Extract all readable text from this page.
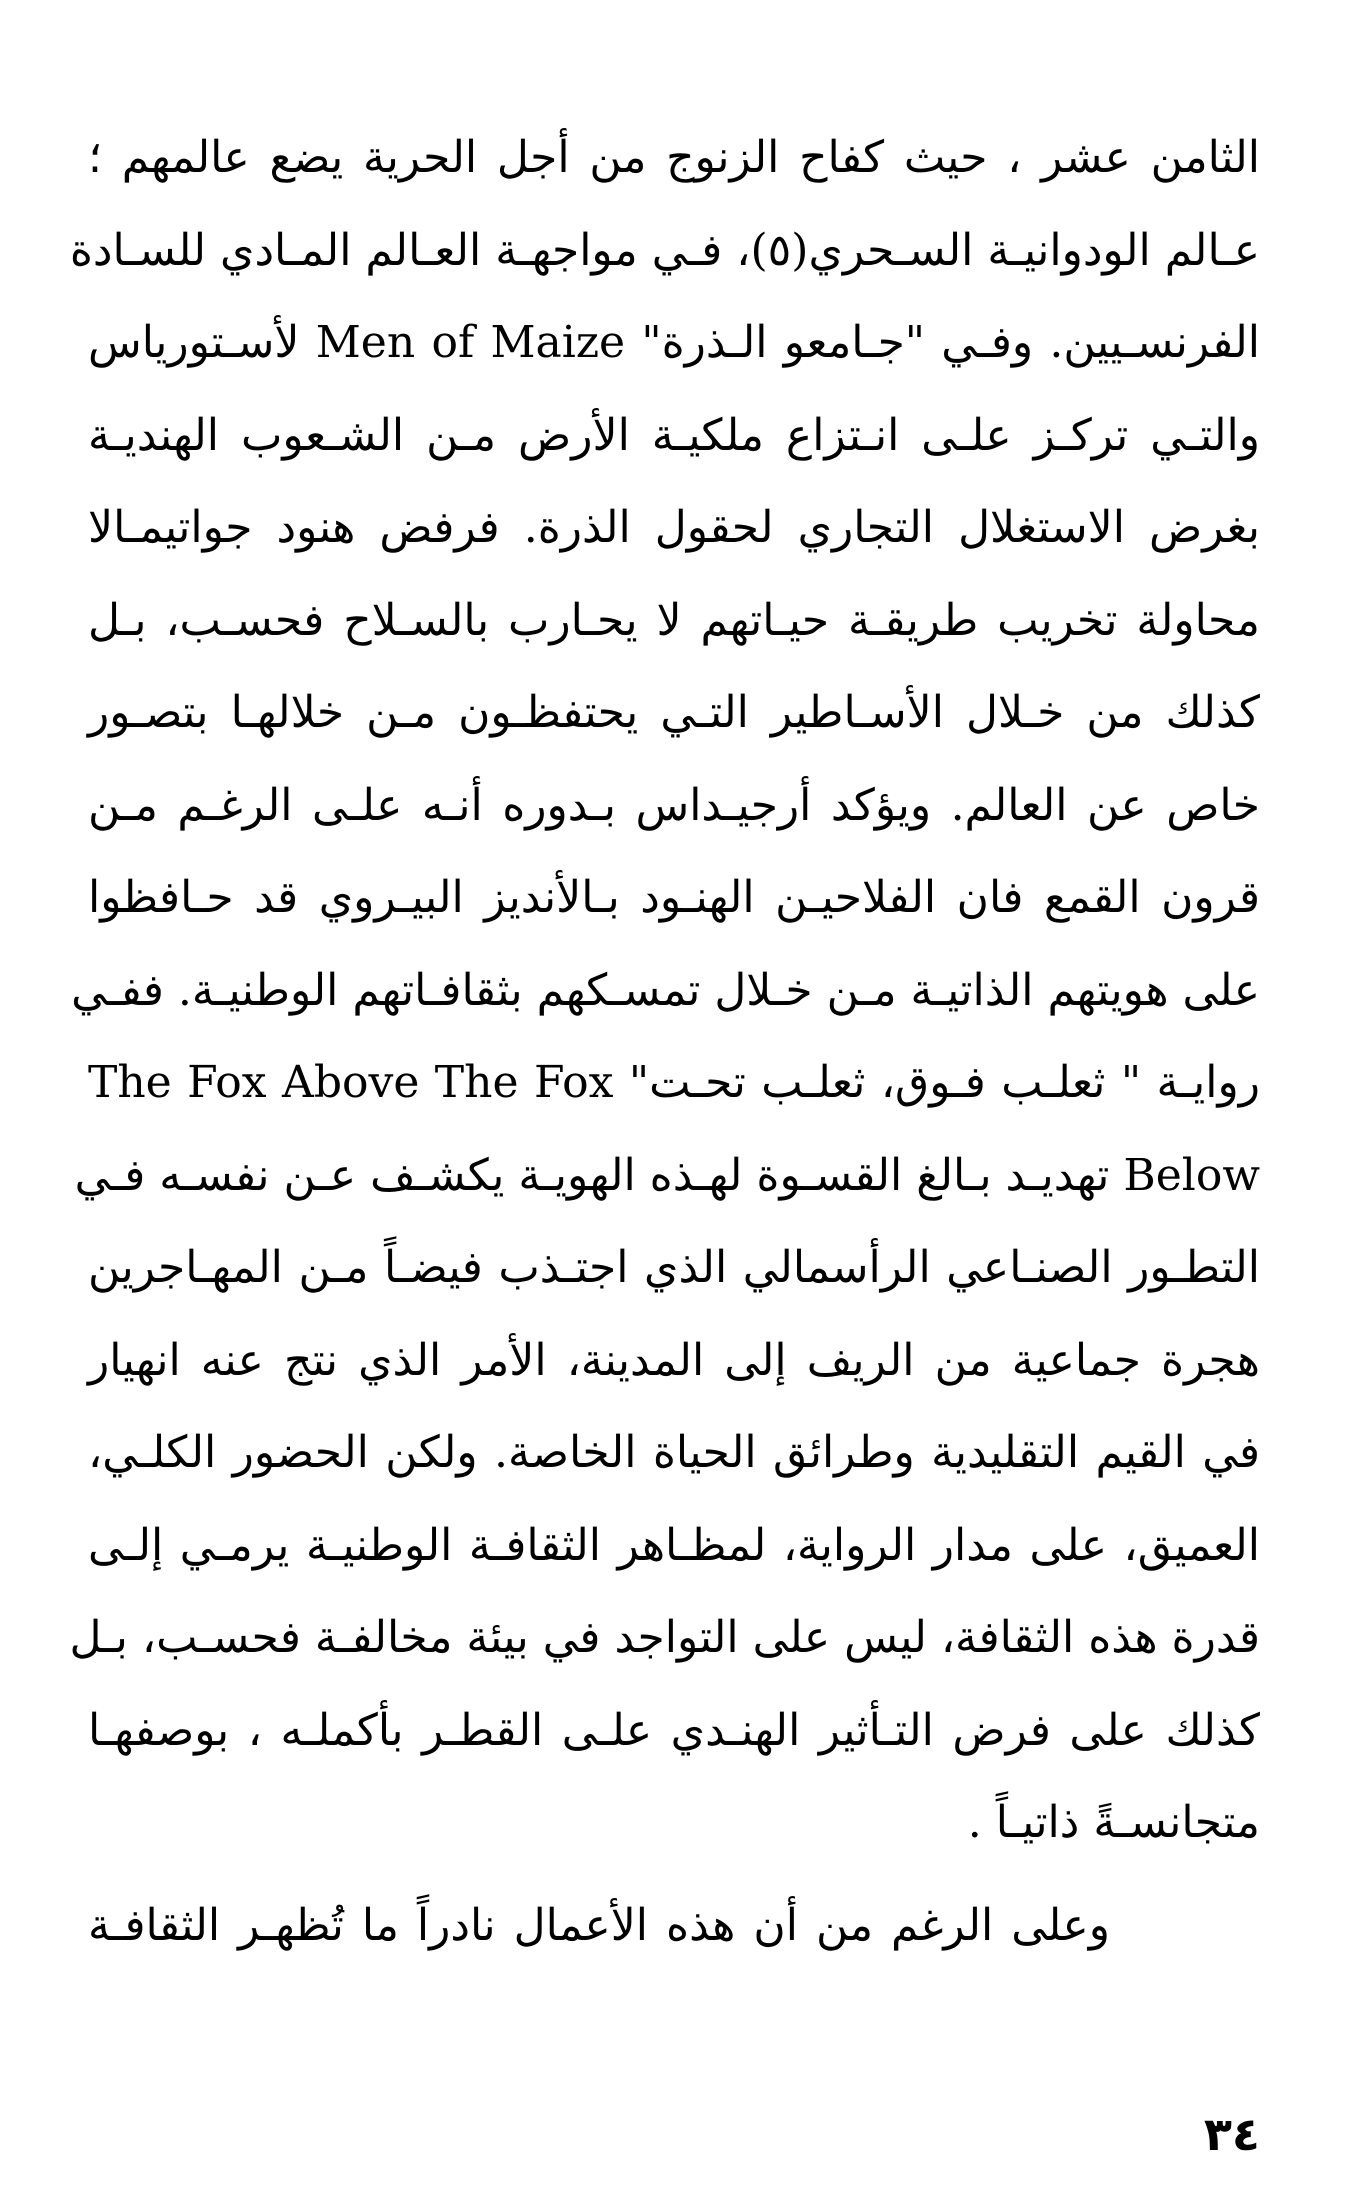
الثامن عشر ، حيث كفاح الزنوج من أجل الحرية يضع عالمهم ؛
عـالم الودوانيـة السـحري(٥)، فـي مواجهـة العـالم المـادي للسـادة
الفرنسـيين. وفـي "جـامعو الـذرة" Men of Maize لأسـتورياس
والتـي تركـز علـى انـتزاع ملكيـة الأرض مـن الشـعوب الهنديـة
بغرض الاستغلال التجاري لحقول الذرة. فرفض هنود جواتيمـالا
محاولة تخريب طريقـة حيـاتهم لا يحـارب بالسـلاح فحسـب، بـل
كذلك من خـلال الأسـاطير التـي يحتفظـون مـن خلالهـا بتصـور
خاص عن العالم. ويؤكد أرجيـداس بـدوره أنـه علـى الرغـم مـن
قرون القمع فان الفلاحيـن الهنـود بـالأنديز البيـروي قد حـافظوا
على هويتهم الذاتيـة مـن خـلال تمسـكهم بثقافـاتهم الوطنيـة. ففـي
روايـة " ثعلـب فـوق، ثعلـب تحـت" The Fox Above The Fox
Below تهديـد بـالغ القسـوة لهـذه الهويـة يكشـف عـن نفسـه فـي
التطـور الصنـاعي الرأسمالي الذي اجتـذب فيضـاً مـن المهـاجرين
هجرة جماعية من الريف إلى المدينة، الأمر الذي نتج عنه انهيار
في القيم التقليدية وطرائق الحياة الخاصة. ولكن الحضور الكلـي،
العميق، على مدار الرواية، لمظـاهر الثقافـة الوطنيـة يرمـي إلـى
قدرة هذه الثقافة، ليس على التواجد في بيئة مخالفـة فحسـب، بـل
كذلك على فرض التـأثير الهنـدي علـى القطـر بأكملـه ، بوصفهـا
متجانسـةً ذاتيـاً .
وعلى الرغم من أن هذه الأعمال نادراً ما تُظهـر الثقافـة
٣٤
